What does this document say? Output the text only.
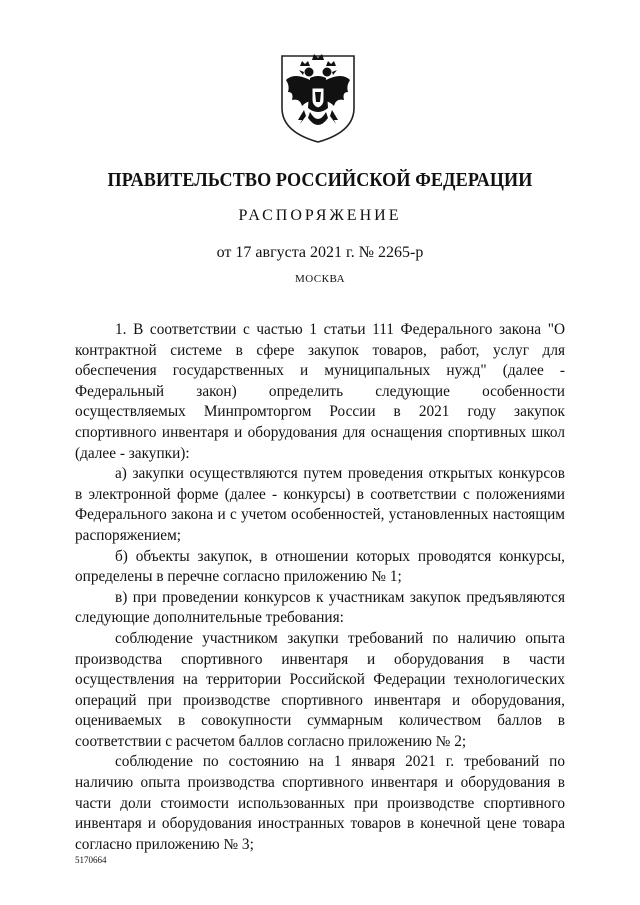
ПРАВИТЕЛЬСТВО РОССИЙСКОЙ ФЕДЕРАЦИИ
РАСПОРЯЖЕНИЕ
от 17 августа 2021 г. № 2265-р
МОСКВА

1. В соответствии с частью 1 статьи 111 Федерального закона "О контрактной системе в сфере закупок товаров, работ, услуг для обеспечения государственных и муниципальных нужд" (далее - Федеральный закон) определить следующие особенности осуществляемых Минпромторгом России в 2021 году закупок спортивного инвентаря и оборудования для оснащения спортивных школ (далее - закупки):

а) закупки осуществляются путем проведения открытых конкурсов в электронной форме (далее - конкурсы) в соответствии с положениями Федерального закона и с учетом особенностей, установленных настоящим распоряжением;

б) объекты закупок, в отношении которых проводятся конкурсы, определены в перечне согласно приложению № 1;

в) при проведении конкурсов к участникам закупок предъявляются следующие дополнительные требования:

соблюдение участником закупки требований по наличию опыта производства спортивного инвентаря и оборудования в части осуществления на территории Российской Федерации технологических операций при производстве спортивного инвентаря и оборудования, оцениваемых в совокупности суммарным количеством баллов в соответствии с расчетом баллов согласно приложению № 2;

соблюдение по состоянию на 1 января 2021 г. требований по наличию опыта производства спортивного инвентаря и оборудования в части доли стоимости использованных при производстве спортивного инвентаря и оборудования иностранных товаров в конечной цене товара согласно приложению № 3;

5170664
